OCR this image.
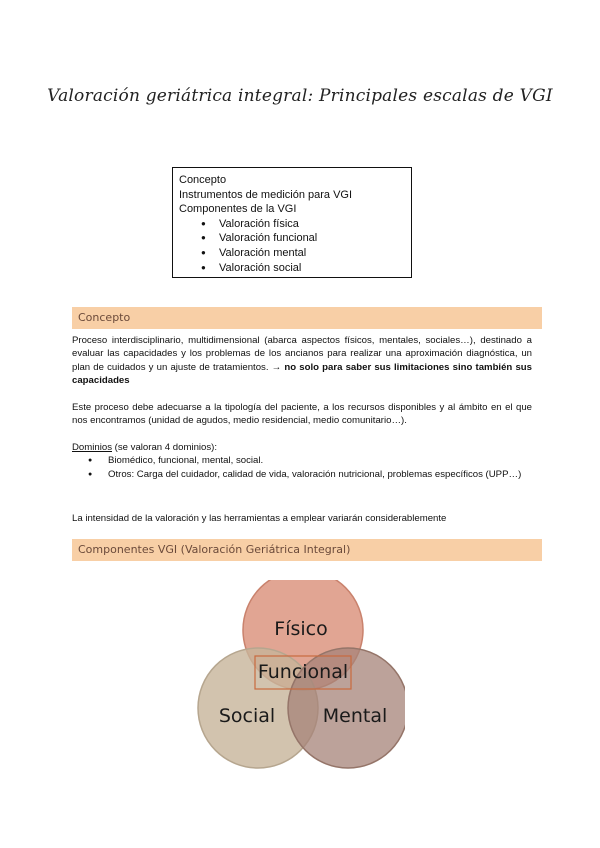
Valoración geriátrica integral: Principales escalas de VGI
Concepto
Instrumentos de medición para VGI
Componentes de la VGI
● Valoración física
● Valoración funcional
● Valoración mental
● Valoración social
Concepto
Proceso interdisciplinario, multidimensional (abarca aspectos físicos, mentales, sociales…), destinado a evaluar las capacidades y los problemas de los ancianos para realizar una aproximación diagnóstica, un plan de cuidados y un ajuste de tratamientos. → no solo para saber sus limitaciones sino también sus capacidades
Este proceso debe adecuarse a la tipología del paciente, a los recursos disponibles y al ámbito en el que nos encontramos (unidad de agudos, medio residencial, medio comunitario…).
Dominios (se valoran 4 dominios):
● Biomédico, funcional, mental, social.
● Otros: Carga del cuidador, calidad de vida, valoración nutricional, problemas específicos (UPP…)
La intensidad de la valoración y las herramientas a emplear variarán considerablemente
Componentes VGI (Valoración Geriátrica Integral)
Físico
Funcional
Social	Mental
